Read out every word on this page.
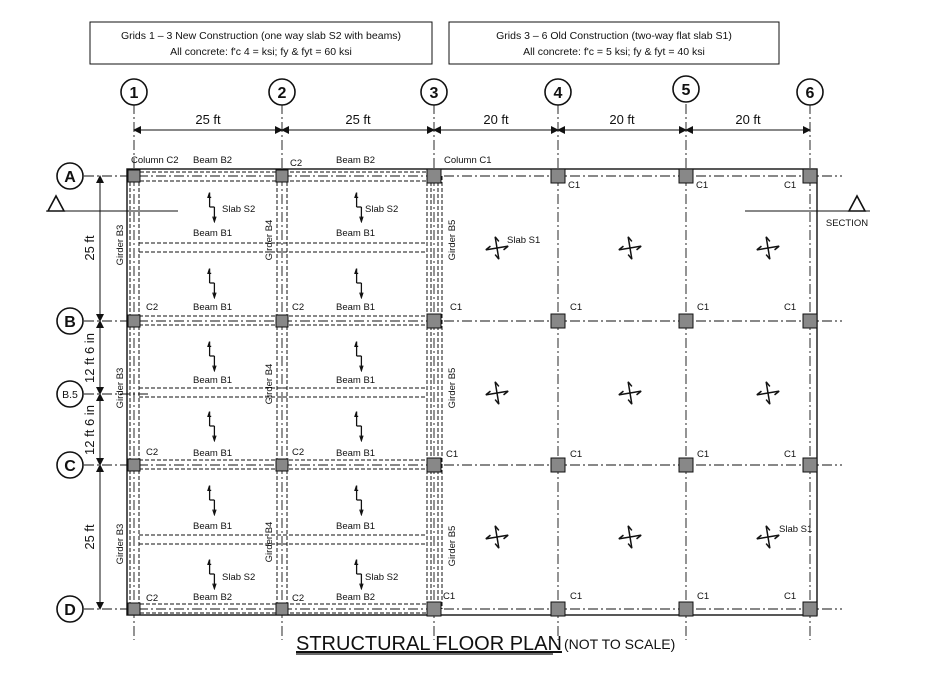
Grids 1 – 3 New Construction (one way slab S2 with beams)
All concrete: f'c 4 = ksi; fy & fyt = 60 ksi
Grids 3 – 6 Old Construction (two-way flat slab S1)
All concrete: f'c = 5 ksi; fy & fyt = 40 ksi
1	2	3	4	5	6
A
B
B.5
C
D
25 ft	25 ft	20 ft	20 ft	20 ft
25 ft
12 ft 6 in
12 ft 6 in
25 ft
SECTION
Column C2 Beam B2	C2	Beam B2	Column C1
C1	C1	C1
C2	C2	C1	C1	C1	C1
C2	C2	C1	C1	C1	C1
C2	C2	C1	C1	C1	C1
Beam B1	Beam B1
Beam B1	Beam B1
Beam B1	Beam B1
Beam B1	Beam B1
Beam B1	Beam B1
Beam B2	Beam B2
Girder B3
Girder B3
Girder B3
Girder B4
Girder B4
Girder B4
Girder B5
Girder B5
Girder B5
Slab S2	Slab S2
Slab S2	Slab S2
Slab S1
Slab S1
STRUCTURAL FLOOR PLAN (NOT TO SCALE)
